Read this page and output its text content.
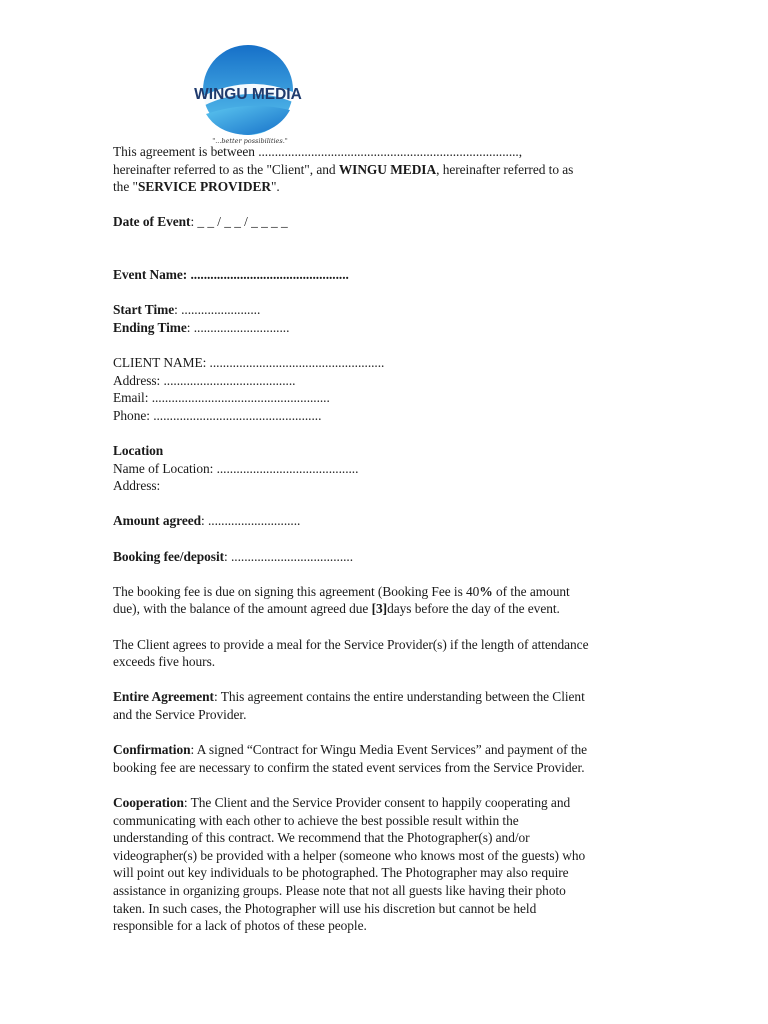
WINGU MEDIA
"...better possibilities."

This agreement is between ...............................................................................,

hereinafter referred to as the "Client", and WINGU MEDIA, hereinafter referred to as

the "SERVICE PROVIDER".

Date of Event: _ _ / _ _ / _ _ _ _

Event Name: ................................................

Start Time: ........................

Ending Time: .............................

CLIENT NAME: .....................................................

Address: ........................................

Email: ......................................................

Phone: ...................................................

Location

Name of Location: ...........................................

Address:

Amount agreed: ............................

Booking fee/deposit: .....................................

The booking fee is due on signing this agreement (Booking Fee is 40% of the amount

due), with the balance of the amount agreed due [3]days before the day of the event.

The Client agrees to provide a meal for the Service Provider(s) if the length of attendance

exceeds five hours.

Entire Agreement: This agreement contains the entire understanding between the Client

and the Service Provider.

Confirmation: A signed “Contract for Wingu Media Event Services” and payment of the

booking fee are necessary to confirm the stated event services from the Service Provider.

Cooperation: The Client and the Service Provider consent to happily cooperating and

communicating with each other to achieve the best possible result within the

understanding of this contract. We recommend that the Photographer(s) and/or

videographer(s) be provided with a helper (someone who knows most of the guests) who

will point out key individuals to be photographed. The Photographer may also require

assistance in organizing groups. Please note that not all guests like having their photo

taken. In such cases, the Photographer will use his discretion but cannot be held

responsible for a lack of photos of these people.
